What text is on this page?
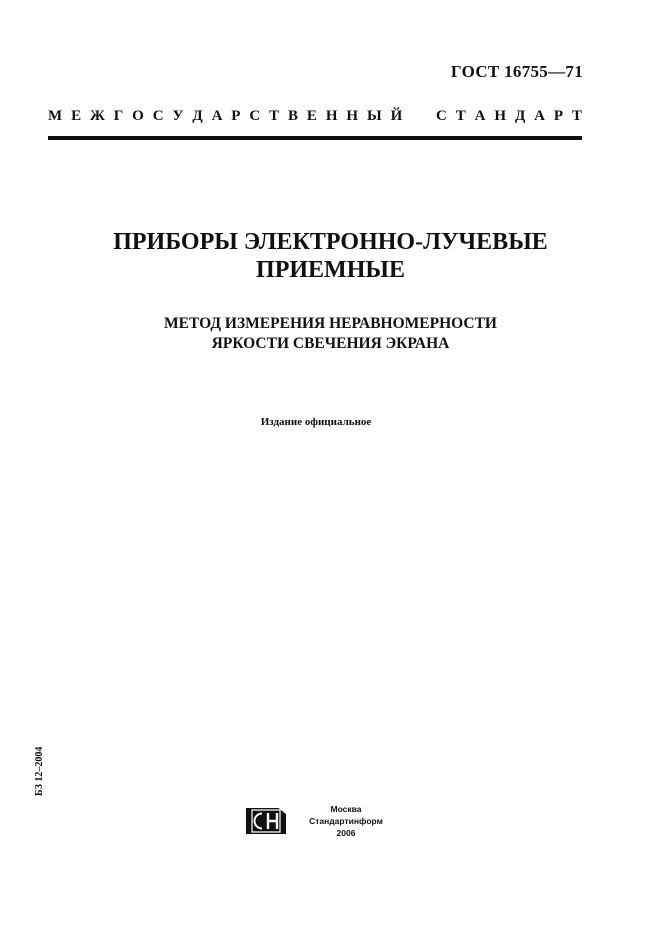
ГОСТ 16755—71
М Е Ж Г О С У Д А Р С Т В Е Н Н Ы Й С Т А Н Д А Р Т
ПРИБОРЫ ЭЛЕКТРОННО-ЛУЧЕВЫЕ
ПРИЕМНЫЕ
МЕТОД ИЗМЕРЕНИЯ НЕРАВНОМЕРНОСТИ
ЯРКОСТИ СВЕЧЕНИЯ ЭКРАНА
Издание официальное
БЗ 12–2004
Москва
Стандартинформ
2006
